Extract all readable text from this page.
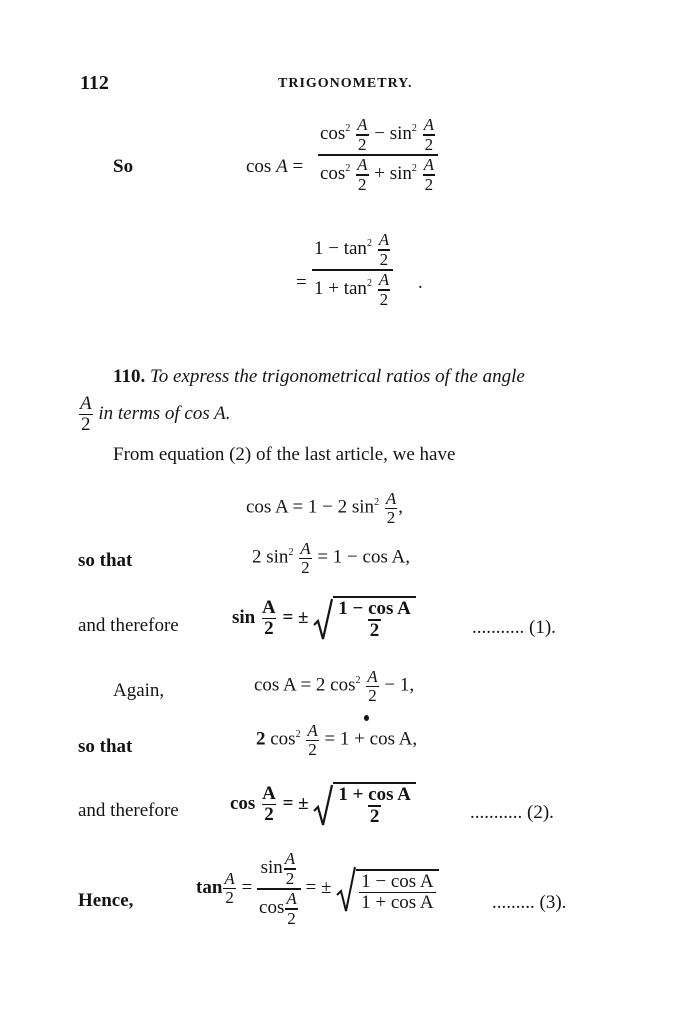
112	TRIGONOMETRY.
So	$\cos A = \frac{\cos^2 \frac{A}{2} - \sin^2 \frac{A}{2}}{\cos^2 \frac{A}{2} + \sin^2 \frac{A}{2}}$
= $\frac{1 - \tan^2 \frac{A}{2}}{1 + \tan^2 \frac{A}{2}}$ .
110. To express the trigonometrical ratios of the angle
$\frac{A}{2}$ in terms of cos A.
From equation (2) of the last article, we have
cos A = 1 − 2 $\sin^2 \frac{A}{2}$ ,
so that	2 $\sin^2 \frac{A}{2} = 1 - \cos A$,
and therefore	$\sin \frac{A}{2}$ = ± $\frac{\text{1 − cos A}}{2}$	........... (1).
Again,	cos A = 2 $\cos^2 \frac{A}{2} - 1$,
so that	2 $\cos^2 \frac{A}{2} = 1 + \cos A$,
and therefore	$\cos \frac{A}{2}$ = ± $\frac{\text{1 + cos A}}{2}$	........... (2).
Hence,
$\tan \frac{A}{2} = \frac{\sin \frac{A}{2}}{\cos \frac{A}{2}}$ = ± $\frac{\text{1 − cos A}}{\text{1 + cos A}}$	......... (3).
